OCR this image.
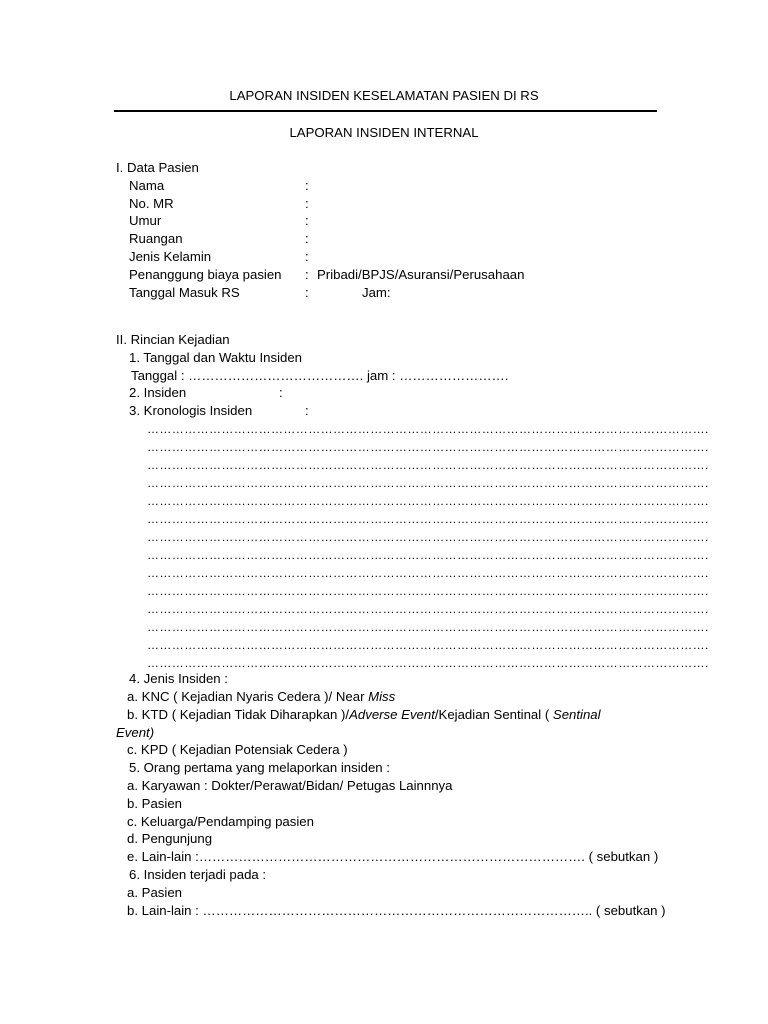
LAPORAN INSIDEN KESELAMATAN PASIEN DI RS
LAPORAN INSIDEN INTERNAL
I. Data Pasien
Nama	:
No. MR	:
Umur	:
Ruangan	:
Jenis Kelamin	:
Penanggung biaya pasien : Pribadi/BPJS/Asuransi/Perusahaan
Tanggal Masuk RS	:	Jam:
II. Rincian Kejadian
1. Tanggal dan Waktu Insiden
Tanggal : …………………………………. jam : …………………….
2. Insiden	:
3. Kronologis Insiden	:
……………………………………………………………………………………………………………………….
……………………………………………………………………………………………………………………….
……………………………………………………………………………………………………………………….
……………………………………………………………………………………………………………………….
……………………………………………………………………………………………………………………….
……………………………………………………………………………………………………………………….
……………………………………………………………………………………………………………………….
……………………………………………………………………………………………………………………….
……………………………………………………………………………………………………………………….
……………………………………………………………………………………………………………………….
……………………………………………………………………………………………………………………….
……………………………………………………………………………………………………………………….
……………………………………………………………………………………………………………………….
……………………………………………………………………………………………………………………….
4. Jenis Insiden :
a. KNC ( Kejadian Nyaris Cedera )/ Near Miss
b. KTD ( Kejadian Tidak Diharapkan )/Adverse Event/Kejadian Sentinal ( Sentinal
Event)
c. KPD ( Kejadian Potensiak Cedera )
5. Orang pertama yang melaporkan insiden :
a. Karyawan : Dokter/Perawat/Bidan/ Petugas Lainnnya
b. Pasien
c. Keluarga/Pendamping pasien
d. Pengunjung
e. Lain-lain :……………………………………………………………………………. ( sebutkan )
6. Insiden terjadi pada :
a. Pasien
b. Lain-lain : …………………………………………………………………………….. ( sebutkan )
